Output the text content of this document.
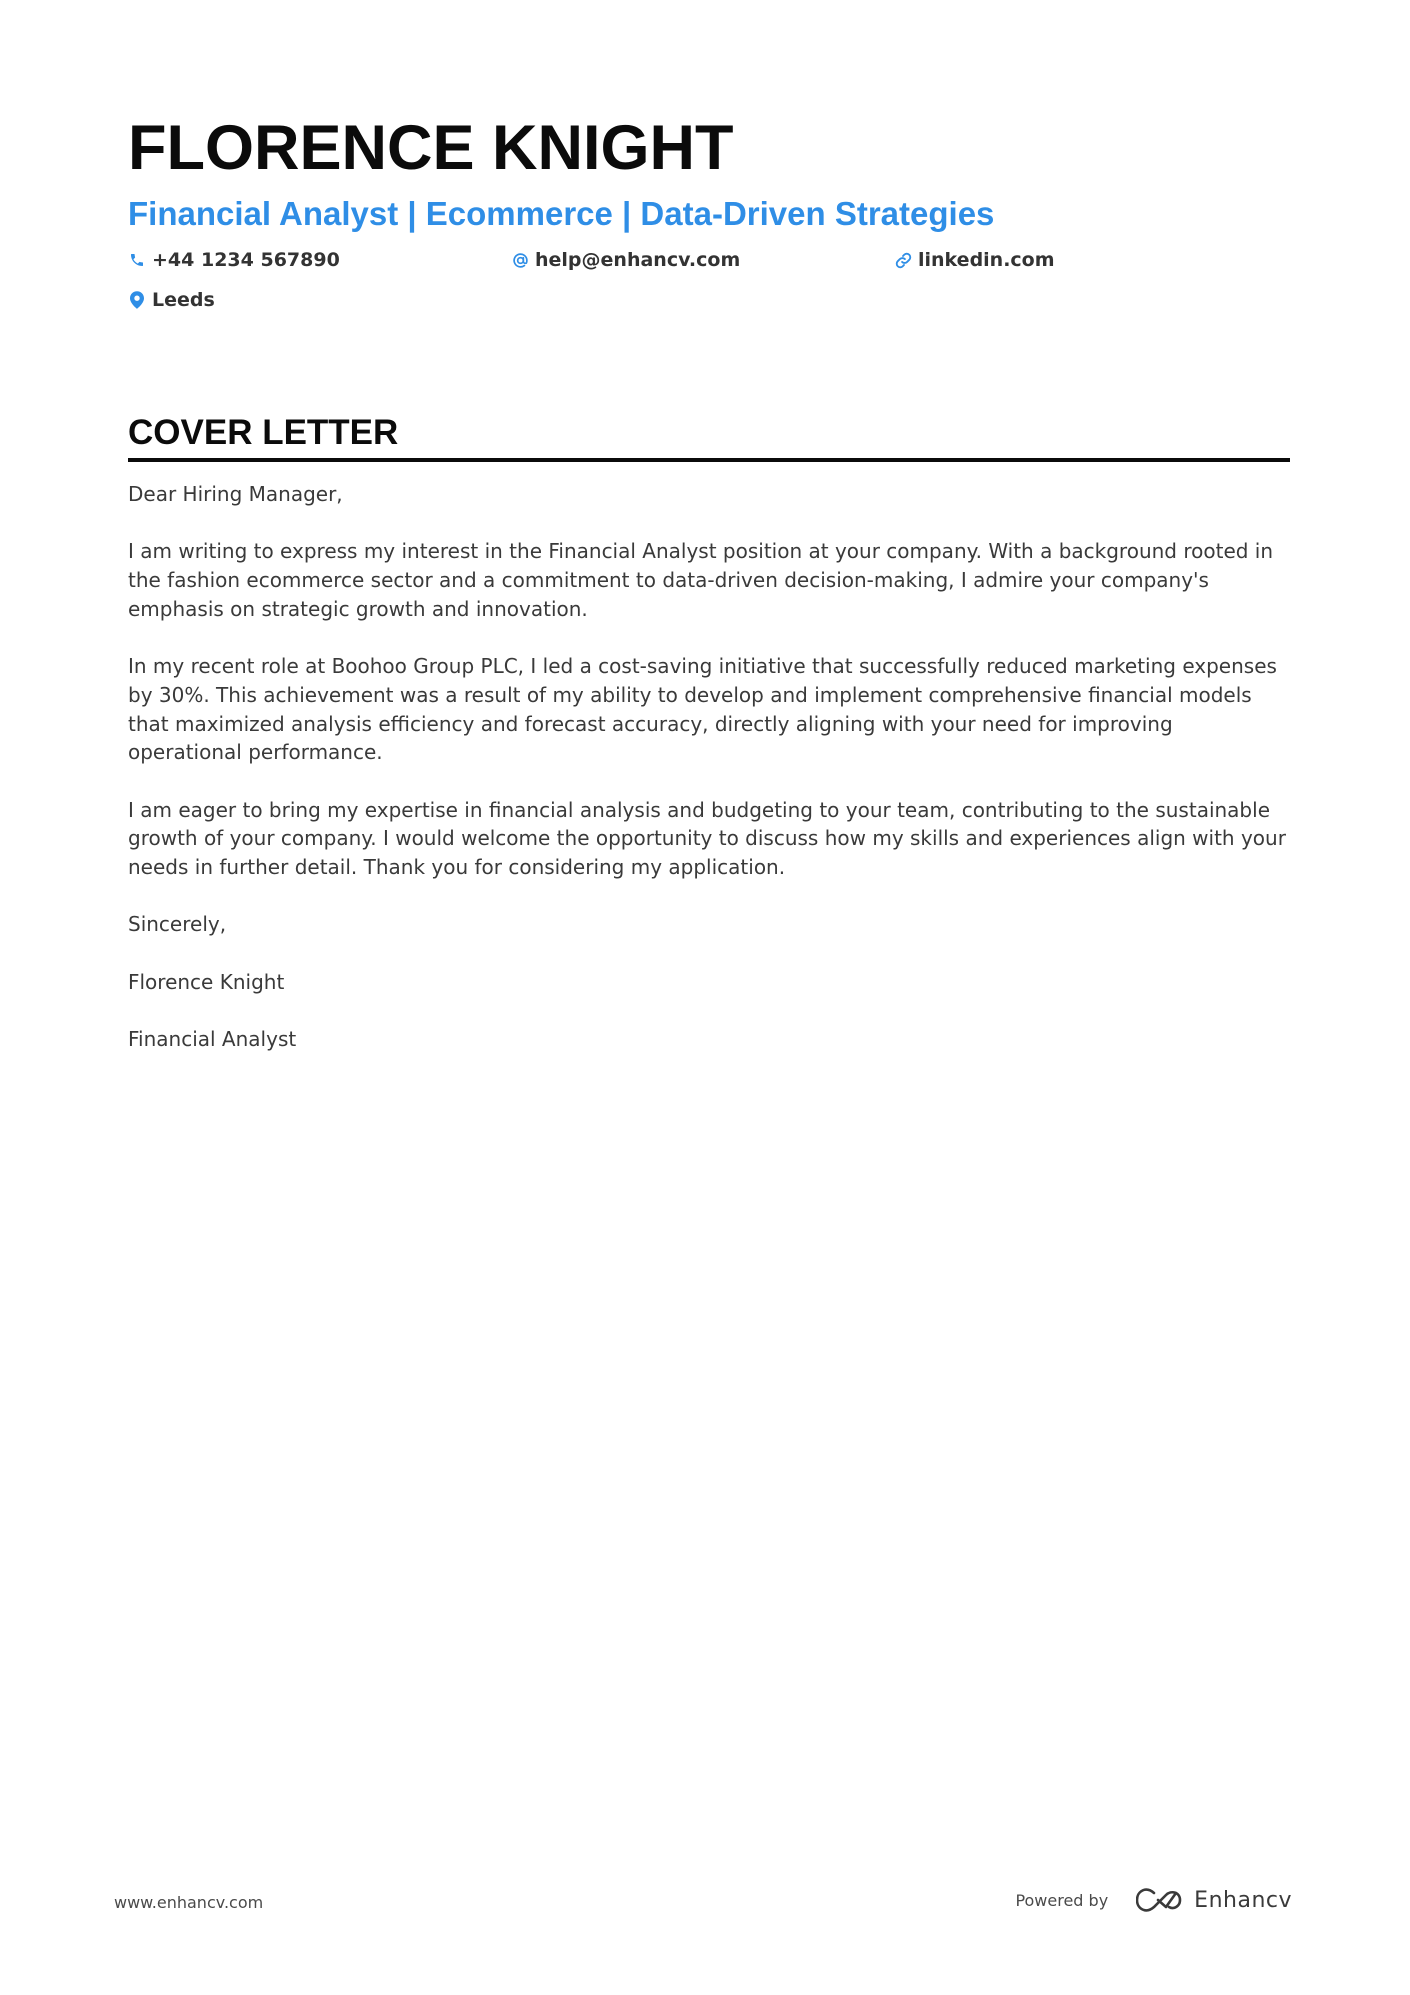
FLORENCE KNIGHT
Financial Analyst | Ecommerce | Data-Driven Strategies
+44 1234 567890	help@enhancv.com	linkedin.com
Leeds
COVER LETTER

Dear Hiring Manager,

I am writing to express my interest in the Financial Analyst position at your company. With a background rooted in the fashion ecommerce sector and a commitment to data-driven decision-making, I admire your company's emphasis on strategic growth and innovation.

In my recent role at Boohoo Group PLC, I led a cost-saving initiative that successfully reduced marketing expenses by 30%. This achievement was a result of my ability to develop and implement comprehensive financial models that maximized analysis efficiency and forecast accuracy, directly aligning with your need for improving operational performance.

I am eager to bring my expertise in financial analysis and budgeting to your team, contributing to the sustainable growth of your company. I would welcome the opportunity to discuss how my skills and experiences align with your needs in further detail. Thank you for considering my application.

Sincerely,

Florence Knight

Financial Analyst

www.enhancv.com	Powered by	Enhancv
